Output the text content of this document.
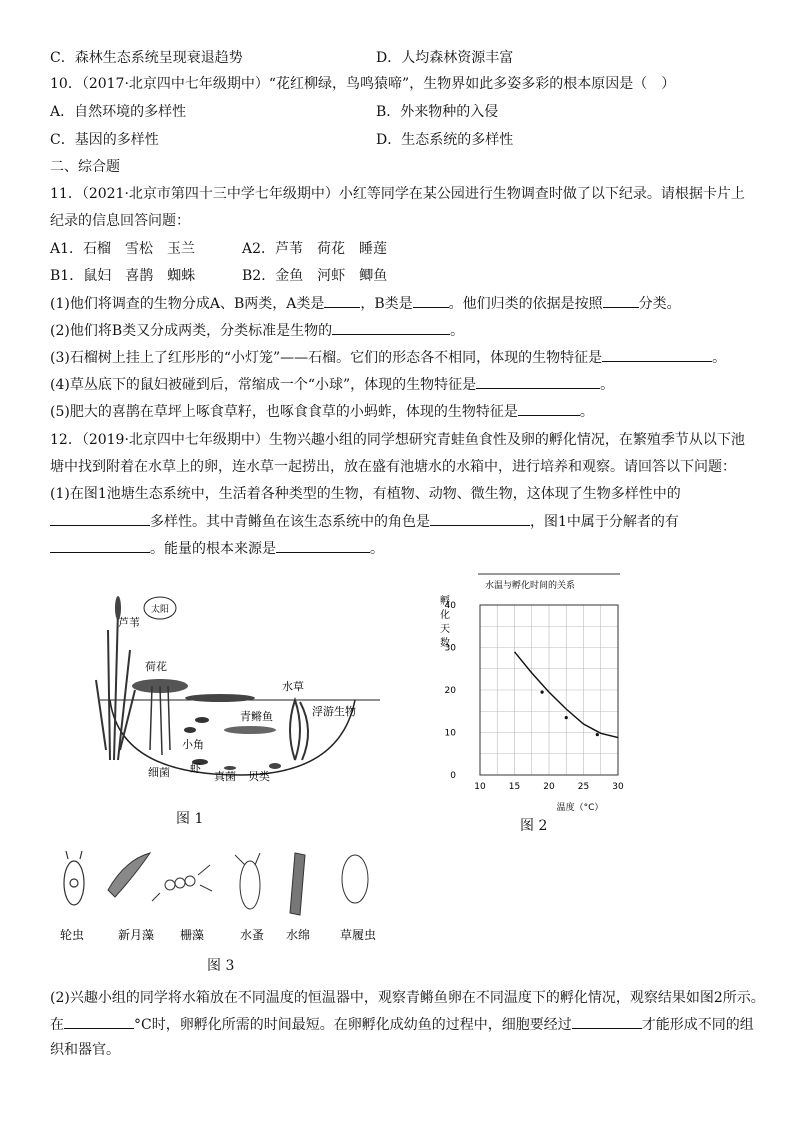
C．森林生态系统呈现衰退趋势	D．人均森林资源丰富
10．（2017·北京四中七年级期中）“花红柳绿，鸟鸣猿啼”，生物界如此多姿多彩的根本原因是（　）
A．自然环境的多样性	B．外来物种的入侵
C．基因的多样性	D．生态系统的多样性
二、综合题
11．（2021·北京市第四十三中学七年级期中）小红等同学在某公园进行生物调查时做了以下纪录。请根据卡片上
纪录的信息回答问题：
A1．石榴　雪松　玉兰	A2．芦苇　荷花　睡莲
B1．鼠妇　喜鹊　蜘蛛	B2．金鱼　河虾　鲫鱼
(1)他们将调查的生物分成A、B两类，A类是	，B类是	。他们归类的依据是按照	分类。
(2)他们将B类又分成两类，分类标准是生物的	。
(3)石榴树上挂上了红彤彤的“小灯笼”——石榴。它们的形态各不相同，体现的生物特征是	。
(4)草丛底下的鼠妇被碰到后，常缩成一个“小球”，体现的生物特征是	。
(5)肥大的喜鹊在草坪上啄食草籽，也啄食食草的小蚂蚱，体现的生物特征是	。
12．（2019·北京四中七年级期中）生物兴趣小组的同学想研究青蛙鱼食性及卵的孵化情况，在繁殖季节从以下池
塘中找到附着在水草上的卵，连水草一起捞出，放在盛有池塘水的水箱中，进行培养和观察。请回答以下问题：
(1)在图1池塘生态系统中，生活着各种类型的生物，有植物、动物、微生物，这体现了生物多样性中的
多样性。其中青鳉鱼在该生态系统中的角色是	，图1中属于分解者的有
。能量的根本来源是	。
太阳
芦苇
荷花
水草
浮游生物
小角
青鳉鱼
细菌 虾
真菌 贝类
图 1
水温与孵化时间的关系
孵化天数
温度（°C）
10	15	20	25	30
0
10
20
30
40
图 2
轮虫	新月藻 栅藻	水蚤 水绵 草履虫
图 3
(2)兴趣小组的同学将水箱放在不同温度的恒温器中，观察青鳉鱼卵在不同温度下的孵化情况，观察结果如图2所示。
在	°C时，卵孵化所需的时间最短。在卵孵化成幼鱼的过程中，细胞要经过	才能形成不同的组
织和器官。
